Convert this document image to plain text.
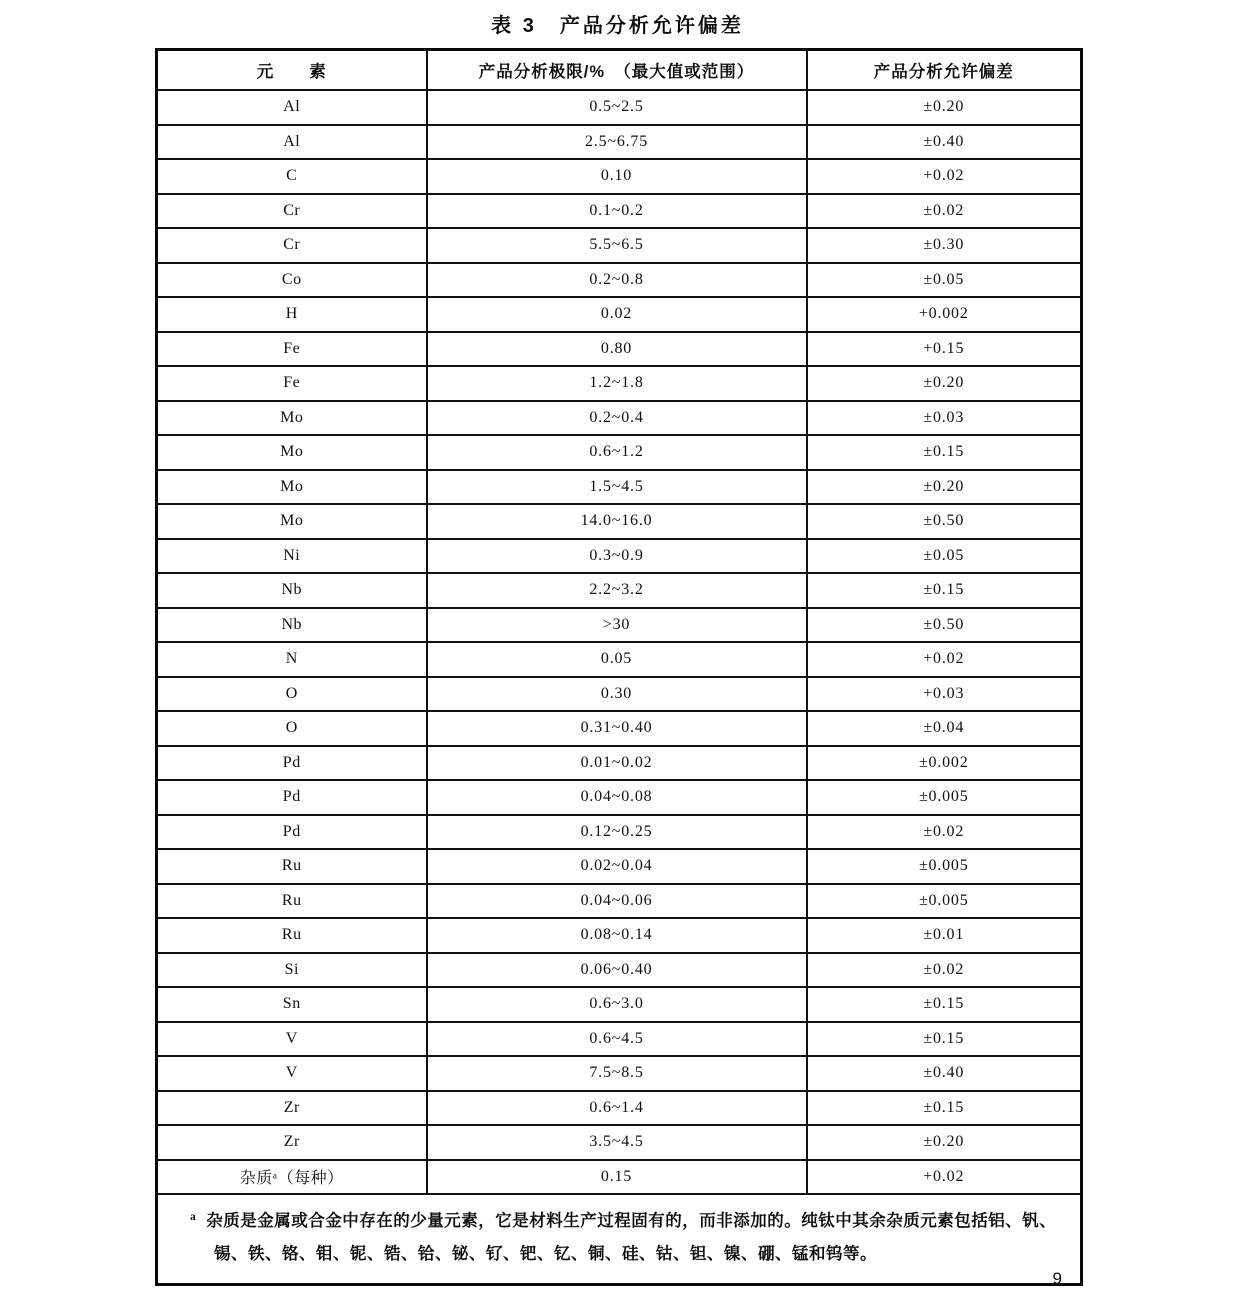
表 3　产品分析允许偏差
元　　素	产品分析极限/%　（最大值或范围）	产品分析允许偏差
Al	0.5~2.5	±0.20
Al	2.5~6.75	±0.40
C	0.10	+0.02
Cr	0.1~0.2	±0.02
Cr	5.5~6.5	±0.30
Co	0.2~0.8	±0.05
H	0.02	+0.002
Fe	0.80	+0.15
Fe	1.2~1.8	±0.20
Mo	0.2~0.4	±0.03
Mo	0.6~1.2	±0.15
Mo	1.5~4.5	±0.20
Mo	14.0~16.0	±0.50
Ni	0.3~0.9	±0.05
Nb	2.2~3.2	±0.15
Nb	>30	±0.50
N	0.05	+0.02
O	0.30	+0.03
O	0.31~0.40	±0.04
Pd	0.01~0.02	±0.002
Pd	0.04~0.08	±0.005
Pd	0.12~0.25	±0.02
Ru	0.02~0.04	±0.005
Ru	0.04~0.06	±0.005
Ru	0.08~0.14	±0.01
Si	0.06~0.40	±0.02
Sn	0.6~3.0	±0.15
V	0.6~4.5	±0.15
V	7.5~8.5	±0.40
Zr	0.6~1.4	±0.15
Zr	3.5~4.5	±0.20
杂质ᵃ（每种）	0.15	+0.02

$^a$ 杂质是金属或合金中存在的少量元素，它是材料生产过程固有的，而非添加的。纯钛中其余杂质元素包括铝、钒、锡、铁、铬、钼、铌、锆、铪、铋、钌、钯、钇、铜、硅、钴、钽、镍、硼、锰和钨等。		
9
